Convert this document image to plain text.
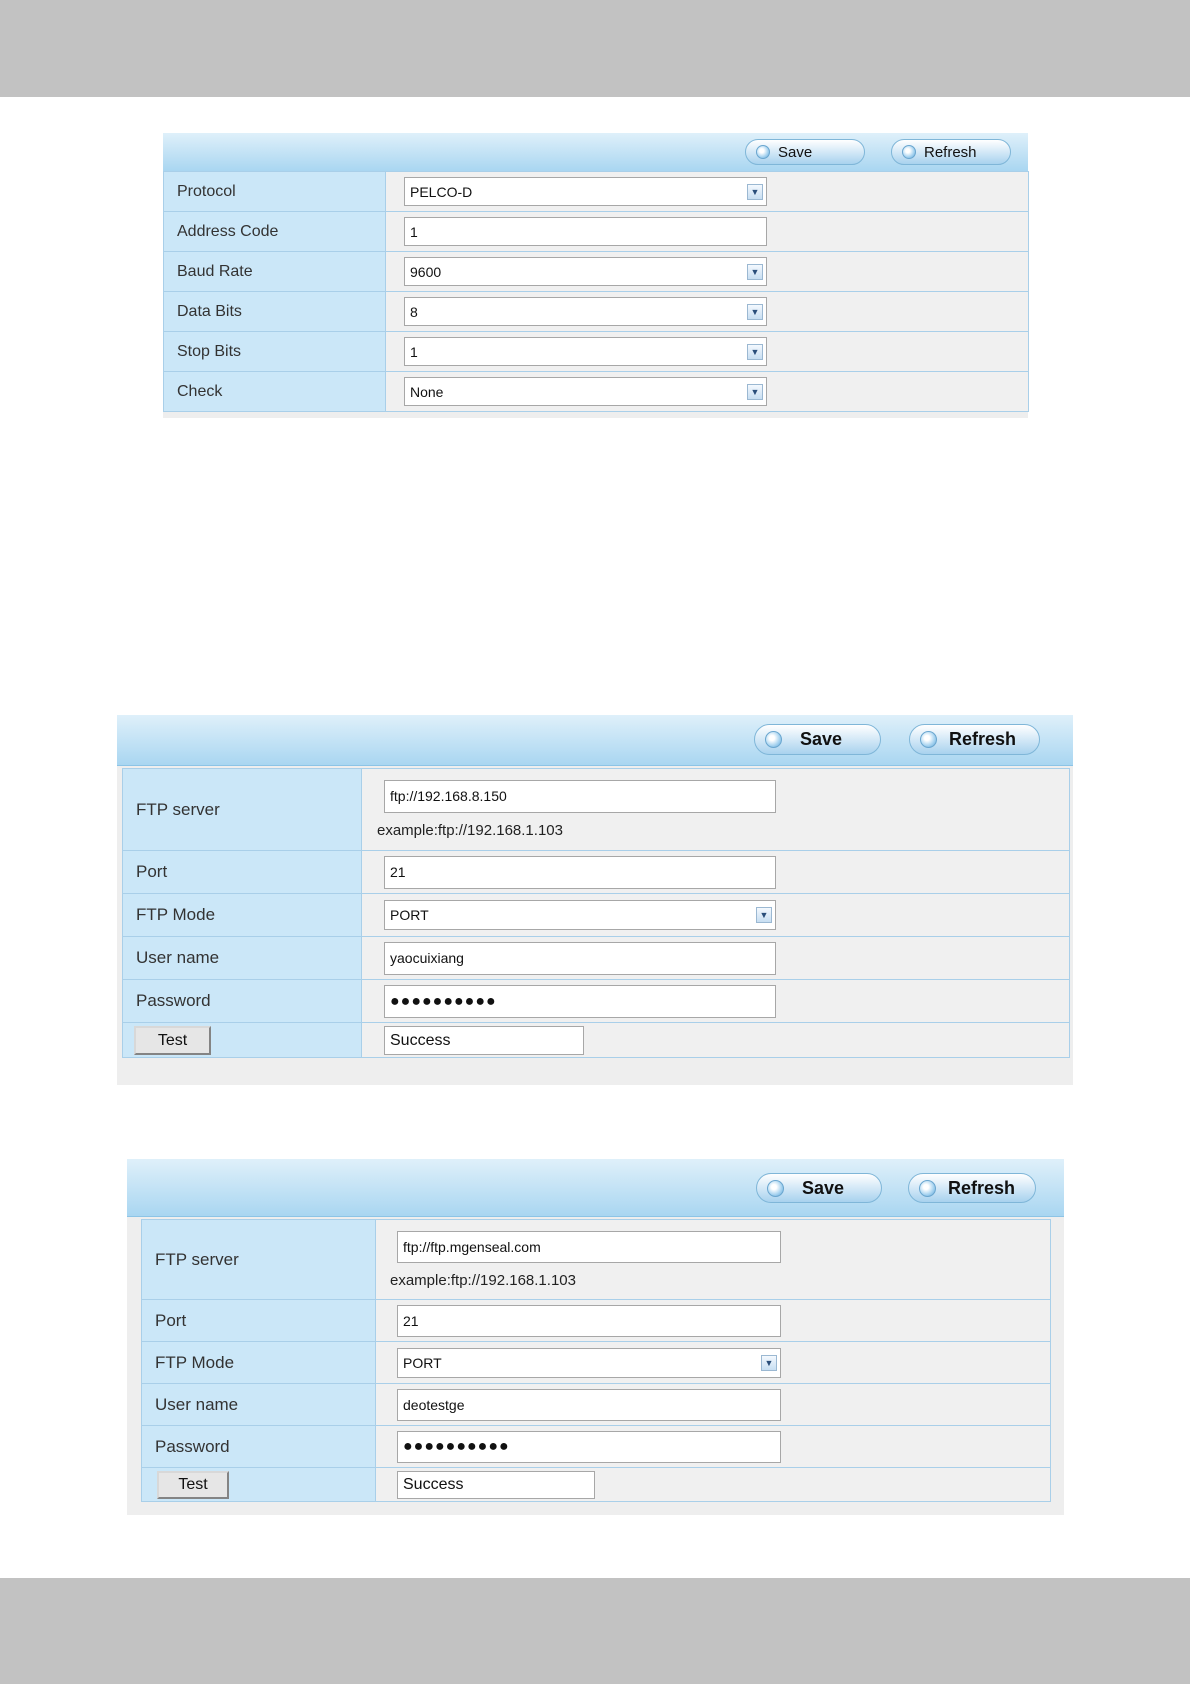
Save	Refresh
Protocol	PELCO-D ▼

Address Code	1

Baud Rate	9600 ▼

Data Bits	8 ▼

Stop Bits	1 ▼

Check	None ▼
Save	Refresh
FTP server	ftp://192.168.8.150
example:ftp://192.168.1.103

Port	21

FTP Mode	PORT ▼

User name	yaocuixiang

Password	●●●●●●●●●●

Test	Success
Save	Refresh
FTP server	ftp://ftp.mgenseal.com
example:ftp://192.168.1.103

Port	21

FTP Mode	PORT ▼

User name	deotestge

Password	●●●●●●●●●●

Test	Success
